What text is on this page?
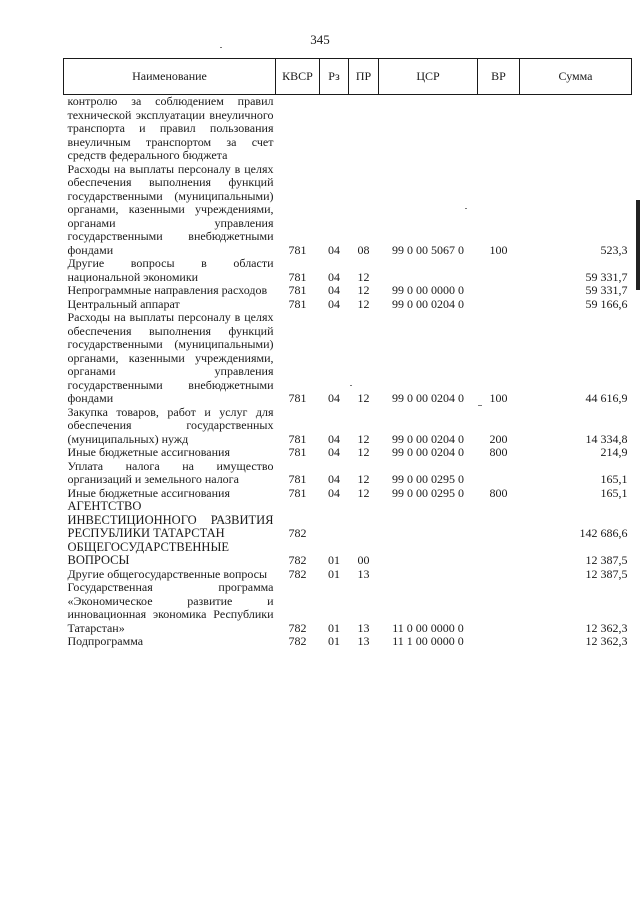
345
Наименование	КВСР	Рз	ПР	ЦСР	ВР	Сумма
контролю за соблюдением правил технической эксплуатации внеуличного транспорта и правил пользования внеуличным транспортом за счет средств федерального бюджета						
Расходы на выплаты персоналу в целях обеспечения выполнения функций государственными (муниципальными) органами, казенными учреждениями, органами управления государственными внебюджетными фондами	781	04	08	99 0 00 5067 0	100	523,3
Другие вопросы в области национальной экономики	781	04	12			59 331,7
Непрограммные направления расходов	781	04	12	99 0 00 0000 0		59 331,7
Центральный аппарат	781	04	12	99 0 00 0204 0		59 166,6
Расходы на выплаты персоналу в целях обеспечения выполнения функций государственными (муниципальными) органами, казенными учреждениями, органами управления государственными внебюджетными фондами	781	04	12	99 0 00 0204 0	100	44 616,9
Закупка товаров, работ и услуг для обеспечения государственных (муниципальных) нужд	781	04	12	99 0 00 0204 0	200	14 334,8
Иные бюджетные ассигнования	781	04	12	99 0 00 0204 0	800	214,9
Уплата налога на имущество организаций и земельного налога	781	04	12	99 0 00 0295 0		165,1
Иные бюджетные ассигнования	781	04	12	99 0 00 0295 0	800	165,1
АГЕНТСТВО ИНВЕСТИЦИОННОГО РАЗВИТИЯ РЕСПУБЛИКИ ТАТАРСТАН	782					142 686,6
ОБЩЕГОСУДАРСТВЕННЫЕ ВОПРОСЫ	782	01	00			12 387,5
Другие общегосударственные вопросы	782	01	13			12 387,5
Государственная программа «Экономическое развитие и инновационная экономика Республики Татарстан»	782	01	13	11 0 00 0000 0		12 362,3
Подпрограмма	782	01	13	11 1 00 0000 0		12 362,3
